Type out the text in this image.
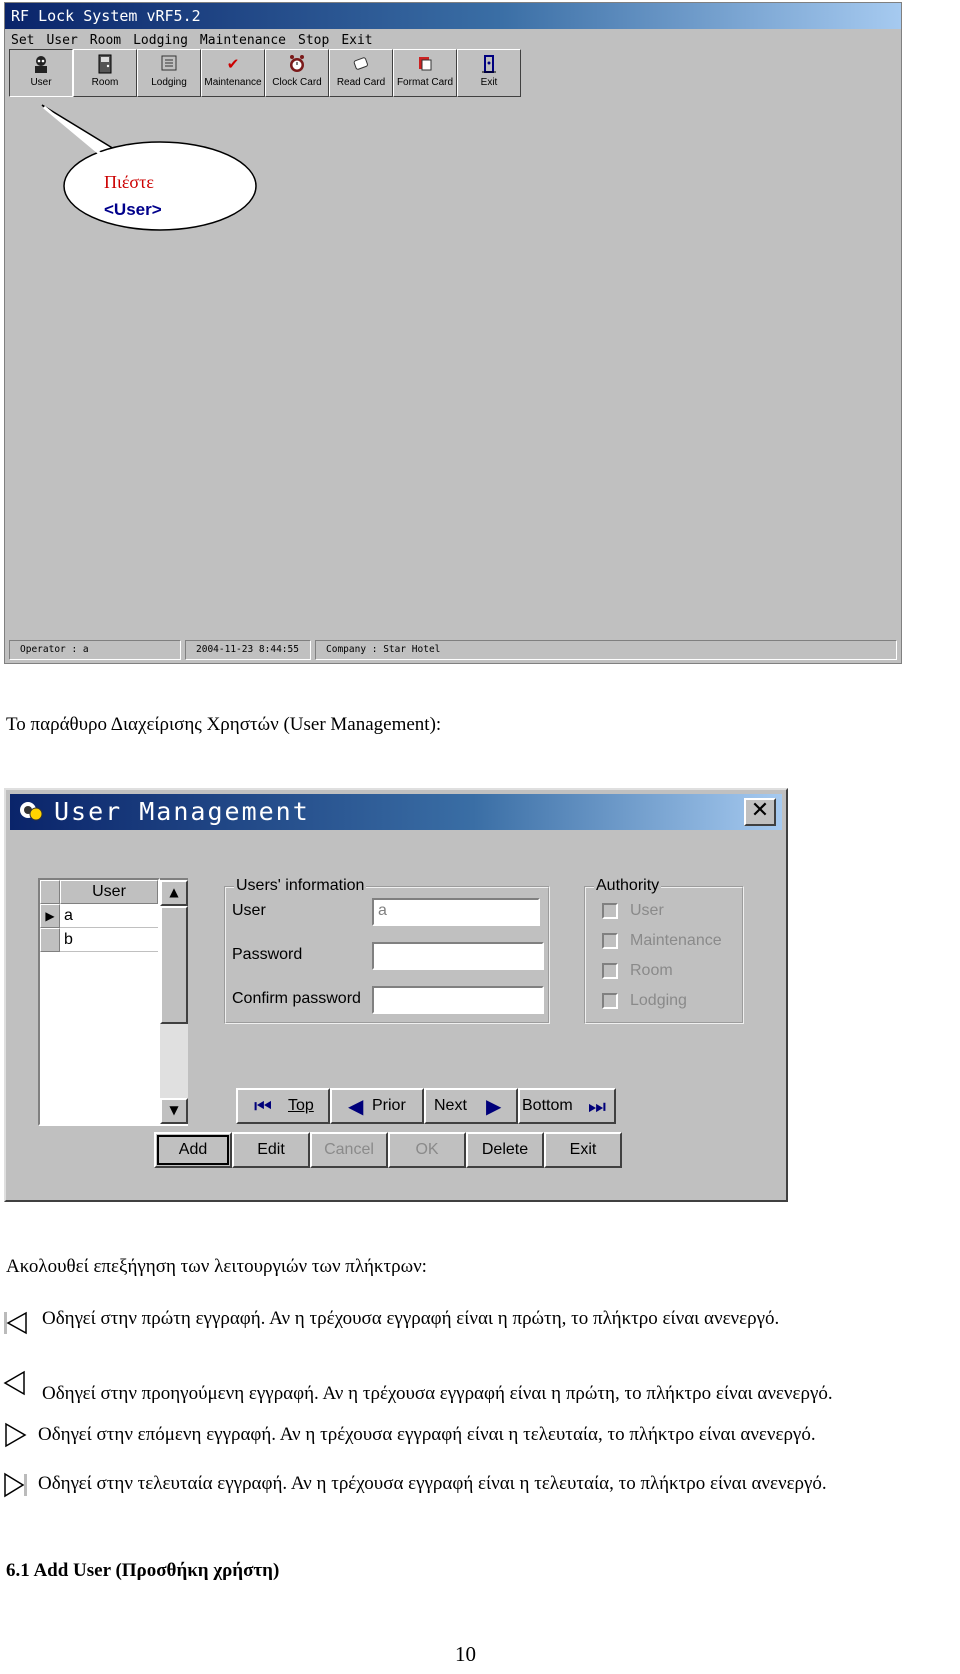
RF Lock System vRF5.2
Set User Room Lodging Maintenance Stop Exit
User	Room	Lodging
✔
Maintenance Clock Card Read Card Format Card	Exit
Operator : a	2004-11-23 8:44:55	Company : Star Hotel
Πιέστε
<User>
Το παράθυρο Διαχείρισης Χρηστών (User Management):
User Management	✕
User
▶ a
b
▲
▼
Users' information
User	a
Password
Confirm password
Authority
User
Maintenance
Room
Lodging
⏮ Top ◀ Prior Next ▶ Bottom ⏭
Add	Edit	Cancel	OK	Delete	Exit
Ακολουθεί επεξήγηση των λειτουργιών των πλήκτρων:
Οδηγεί στην πρώτη εγγραφή. Αν η τρέχουσα εγγραφή είναι η πρώτη, το πλήκτρο είναι ανενεργό.
Οδηγεί στην προηγούμενη εγγραφή. Αν η τρέχουσα εγγραφή είναι η πρώτη, το πλήκτρο είναι ανενεργό.
Οδηγεί στην επόμενη εγγραφή. Αν η τρέχουσα εγγραφή είναι η τελευταία, το πλήκτρο είναι ανενεργό.
Οδηγεί στην τελευταία εγγραφή. Αν η τρέχουσα εγγραφή είναι η τελευταία, το πλήκτρο είναι ανενεργό.
6.1 Add User (Προσθήκη χρήστη)
10
